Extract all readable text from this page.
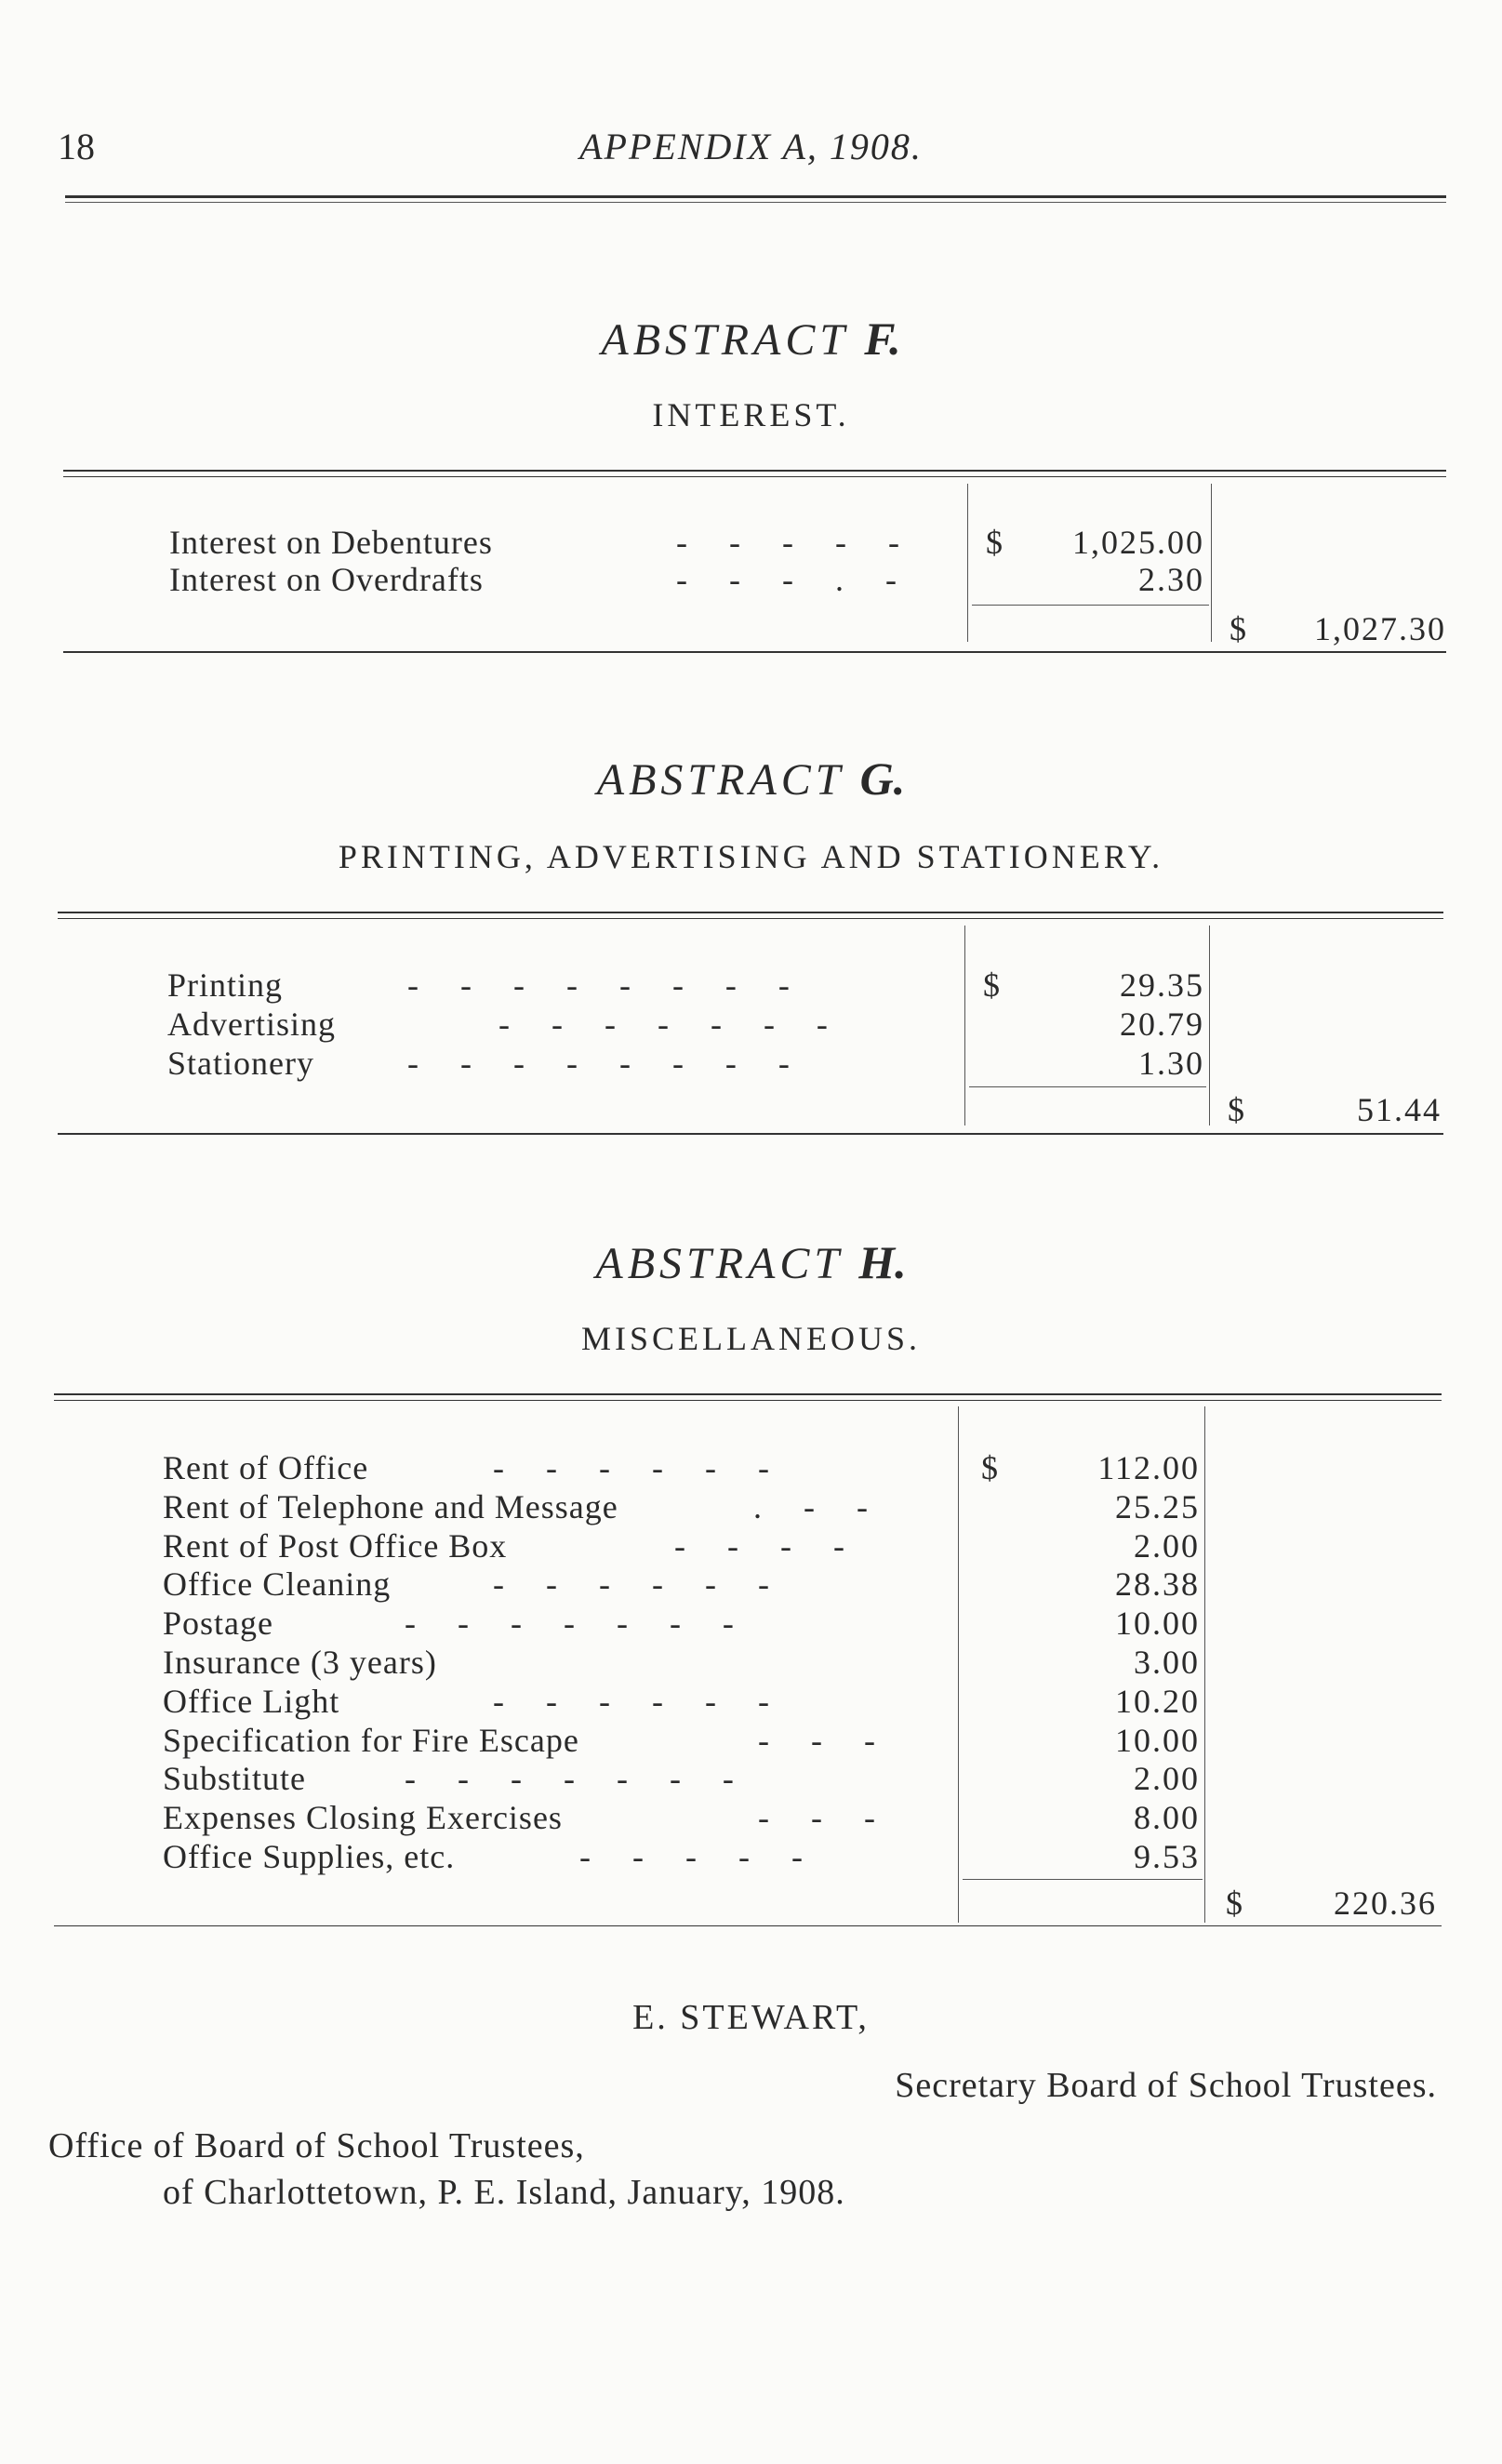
18	APPENDIX A, 1908.
ABSTRACT F.
INTEREST.
Interest on Debentures	-     -     -     -     -	$	1,025.00
Interest on Overdrafts	-     -     -     .     -	2.30
$	1,027.30
ABSTRACT G.
PRINTING, ADVERTISING AND STATIONERY.
Printing	-     -     -     -     -     -     -     -	$	29.35
Advertising	-     -     -     -     -     -     -	20.79
Stationery	-     -     -     -     -     -     -     -	1.30
$	51.44
ABSTRACT H.
MISCELLANEOUS.
Rent of Office	-     -     -     -     -     -	112.00
Rent of Telephone and Message	.     -     -	25.25
Rent of Post Office Box	-     -     -     -	2.00
Office Cleaning	-     -     -     -     -     -	28.38
Postage	-     -     -     -     -     -     -	10.00
Insurance (3 years)	3.00
Office Light	-     -     -     -     -     -	10.20
Specification for Fire Escape	-     -     -	10.00
Substitute	-     -     -     -     -     -     -	2.00
Expenses Closing Exercises	-     -     -	8.00
Office Supplies, etc.	-     -     -     -     -	9.53
$
$	220.36
E. STEWART,
Secretary Board of School Trustees.
Office of Board of School Trustees,
of Charlottetown, P. E. Island, January, 1908.
